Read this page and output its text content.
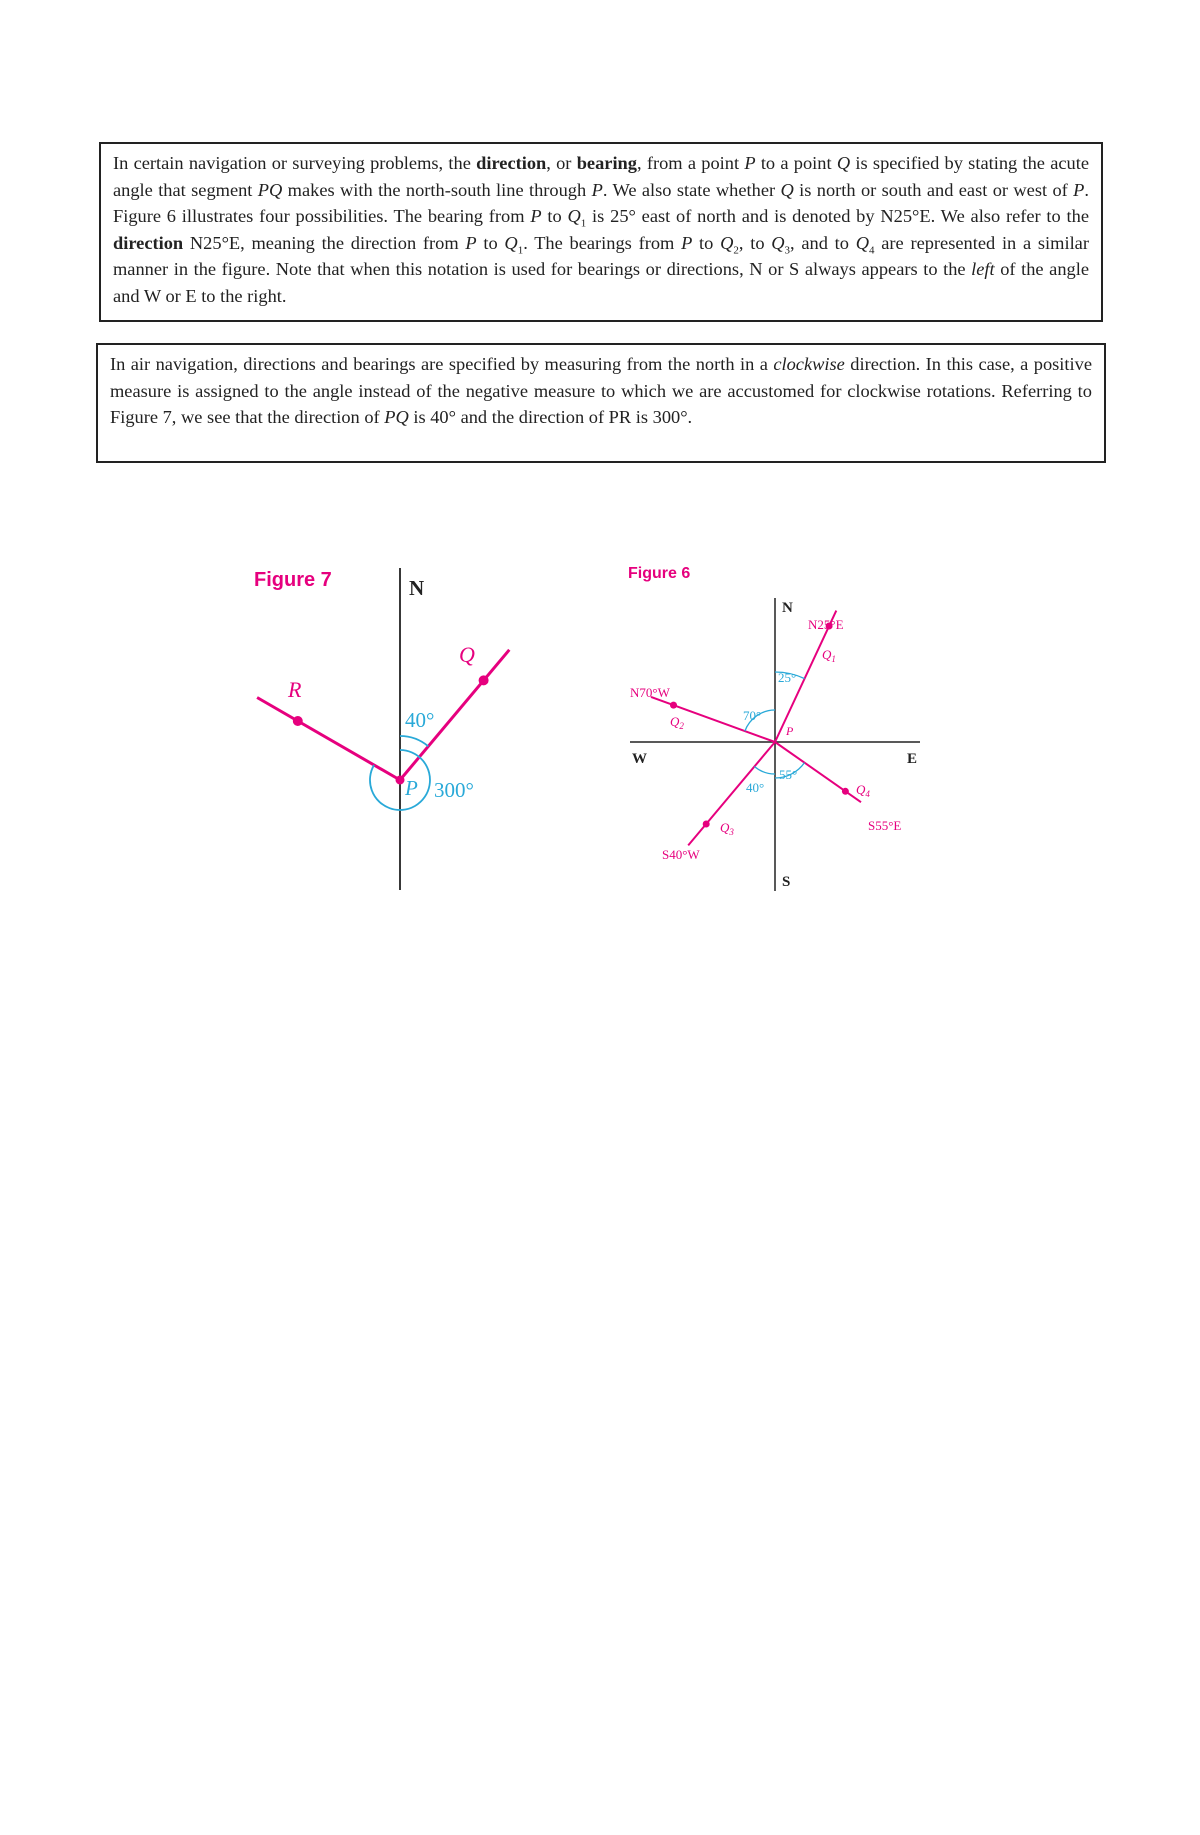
In certain navigation or surveying problems, the direction, or bearing, from a point P to a point Q is specified by stating the acute angle that segment PQ makes with the north-south line through P. We also state whether Q is north or south and east or west of P. Figure 6 illustrates four possibilities. The bearing from P to $Q_1$ is 25° east of north and is denoted by N25°E. We also refer to the direction N25°E, meaning the direction from P to $Q_1$. The bearings from P to $Q_2$, to $Q_3$, and to $Q_4$ are represented in a similar manner in the figure. Note that when this notation is used for bearings or directions, N or S always appears to the left of the angle and W or E to the right.

In air navigation, directions and bearings are specified by measuring from the north in a clockwise direction. In this case, a positive measure is assigned to the angle instead of the negative measure to which we are accustomed for clockwise rotations. Referring to Figure 7, we see that the direction of PQ is 40° and the direction of PR is 300°.

Figure 7	N
Q
R
40°
300°
P
Figure 6
N
S
W	E
25°
70°
40°
55°
P
N25°E
N70°W
S40°W
S55°E
$Q_1$
$Q_2$
$Q_3$
$Q_4$
